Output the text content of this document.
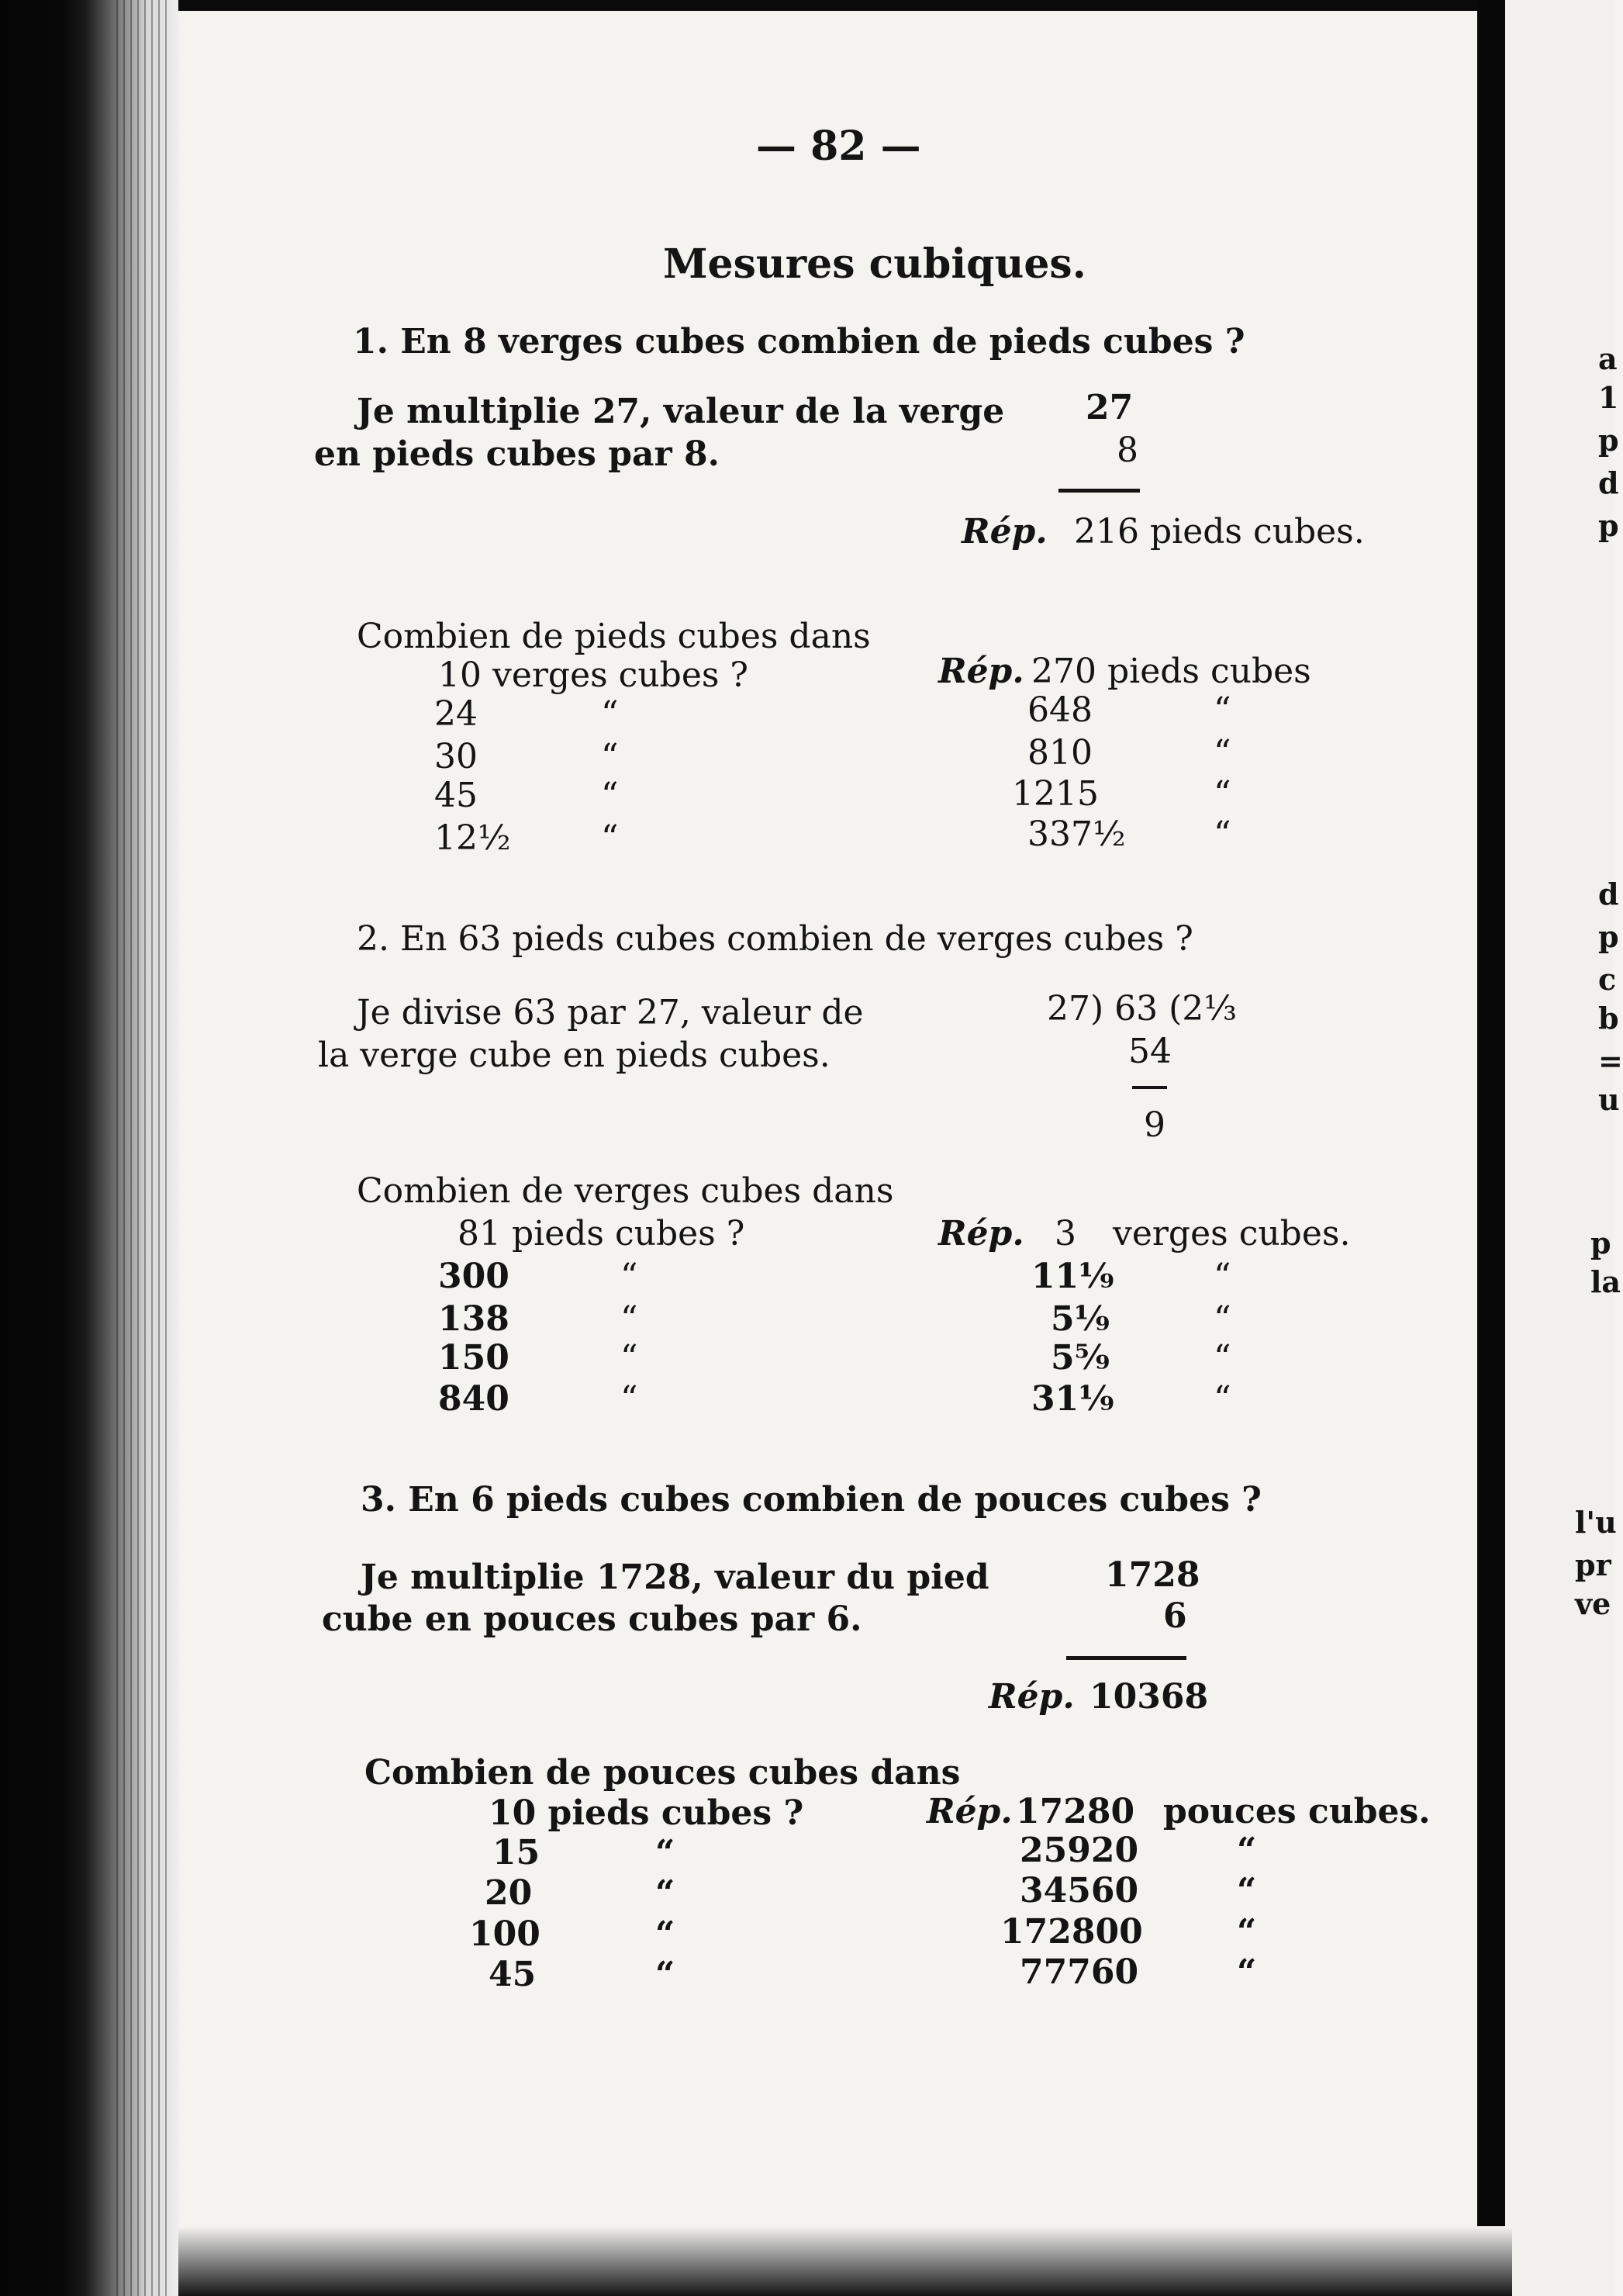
a
1
p
d
p
d
p
c
b
=
u
p
la
l'u
pr
ve
— 82 —
Mesures cubiques.
1. En 8 verges cubes combien de pieds cubes ?
Je multiplie 27, valeur de la verge
en pieds cubes par 8.
27
8
Rép. 216 pieds cubes.
Combien de pieds cubes dans
10 verges cubes ?	Rép. 270 pieds cubes
24	“	648	“
30	“	810	“
45	“	1215	“
12½	“	337½	“
2. En 63 pieds cubes combien de verges cubes ?
Je divise 63 par 27, valeur de
la verge cube en pieds cubes.
27) 63 (2⅓
54
9
Combien de verges cubes dans
81 pieds cubes ?	Rép. 3 verges cubes.
300	“	11⅑	“
138	“	5⅑	“
150	“	5⁵⁄₉	“
840	“	31⅑	“
3. En 6 pieds cubes combien de pouces cubes ?
Je multiplie 1728, valeur du pied
cube en pouces cubes par 6.
1728
6
Rép. 10368
Combien de pouces cubes dans
10 pieds cubes ?	Rép. 17280 pouces cubes.
15	“	25920	“
20	“	34560	“
100	“	172800	“
45	“	77760	“
